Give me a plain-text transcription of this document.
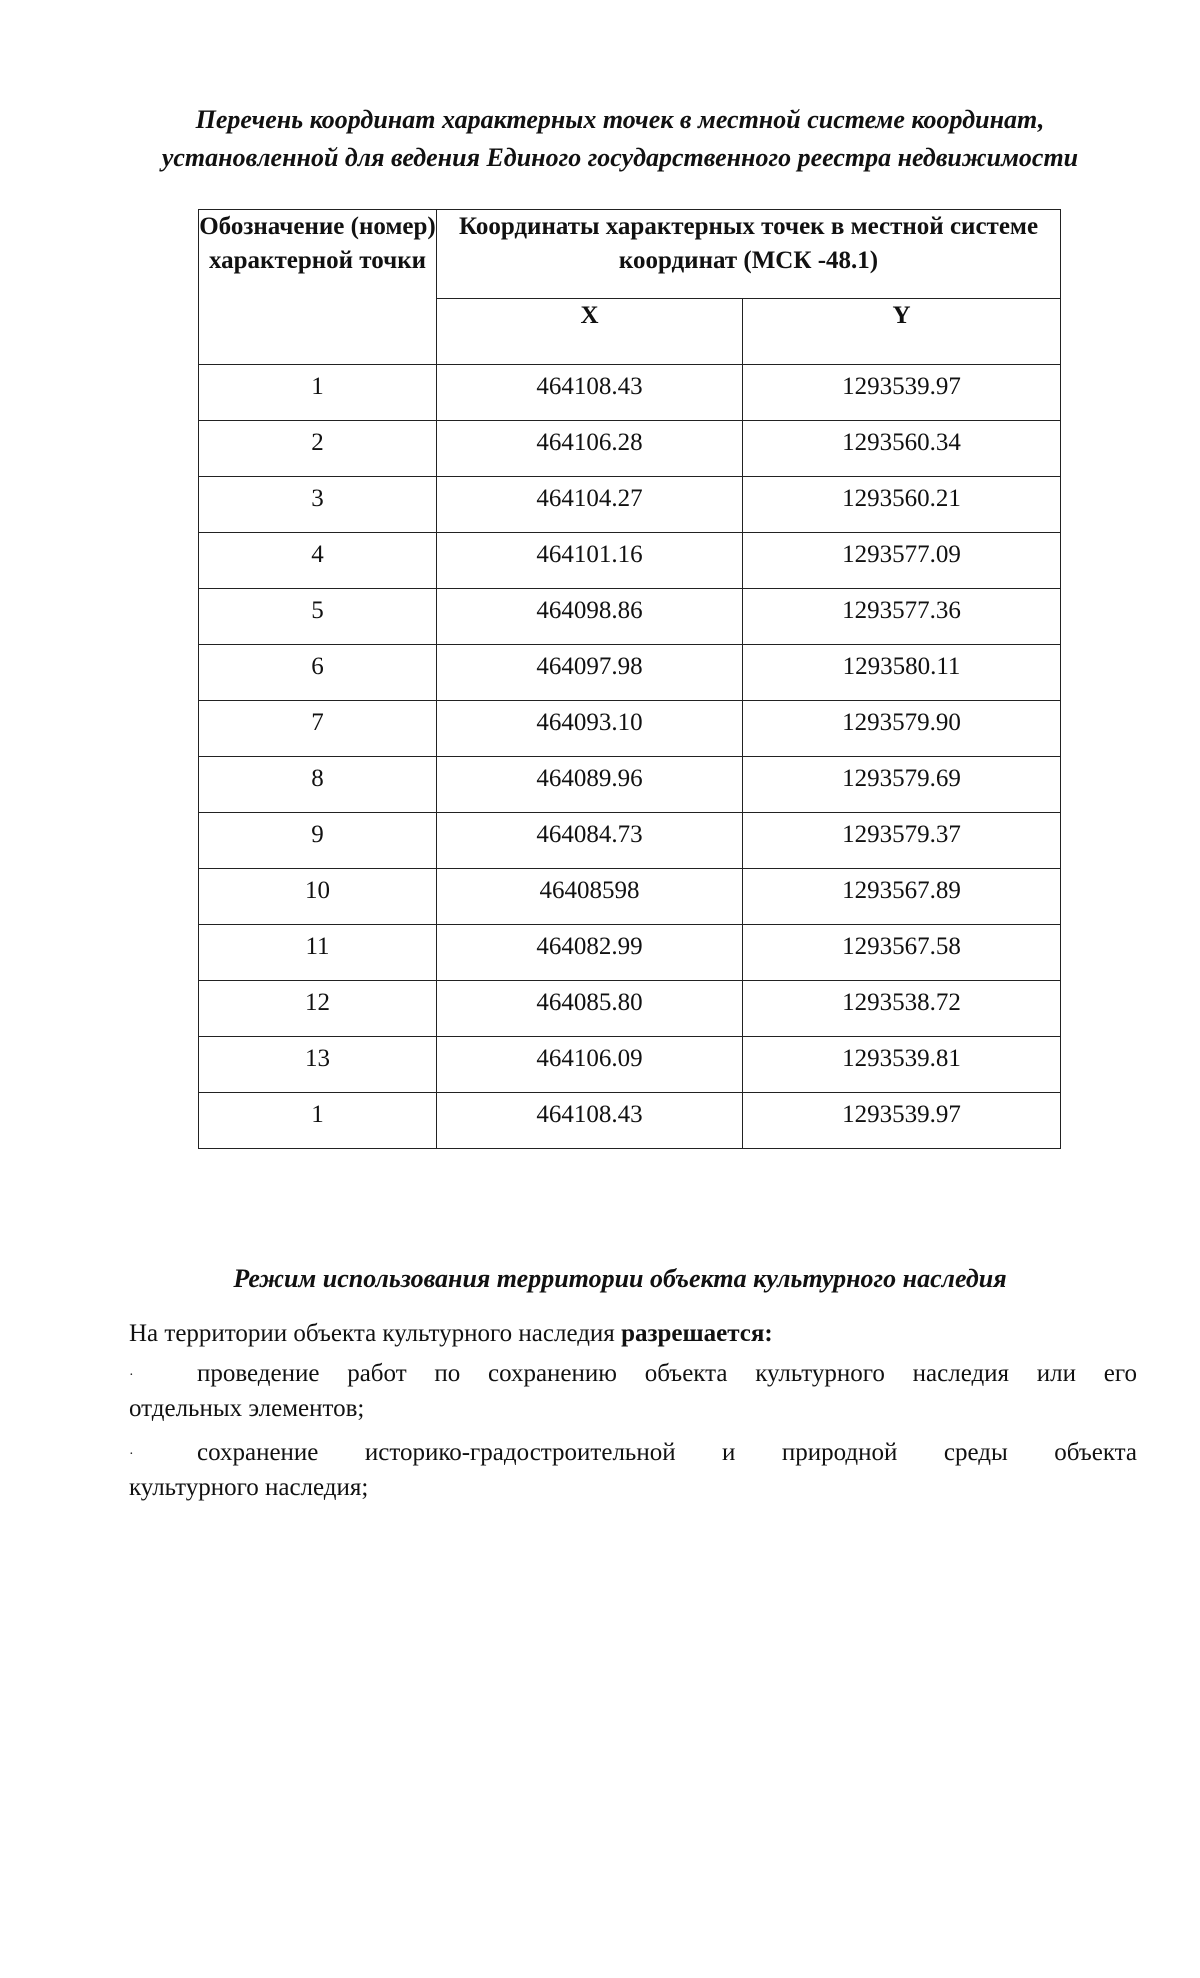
Перечень координат характерных точек в местной системе координат,
установленной для ведения Единого государственного реестра недвижимости
Обозначение (номер) характерной точки	Координаты характерных точек в местной системе координат (МСК -48.1)	
	X	Y
1	464108.43	1293539.97
2	464106.28	1293560.34
3	464104.27	1293560.21
4	464101.16	1293577.09
5	464098.86	1293577.36
6	464097.98	1293580.11
7	464093.10	1293579.90
8	464089.96	1293579.69
9	464084.73	1293579.37
10	46408598	1293567.89
11	464082.99	1293567.58
12	464085.80	1293538.72
13	464106.09	1293539.81
1	464108.43	1293539.97
Режим использования территории объекта культурного наследия
На территории объекта культурного наследия разрешается:
·	проведение работ по сохранению объекта культурного наследия или его
отдельных элементов;
·	сохранение историко-градостроительной и природной среды объекта
культурного наследия;
